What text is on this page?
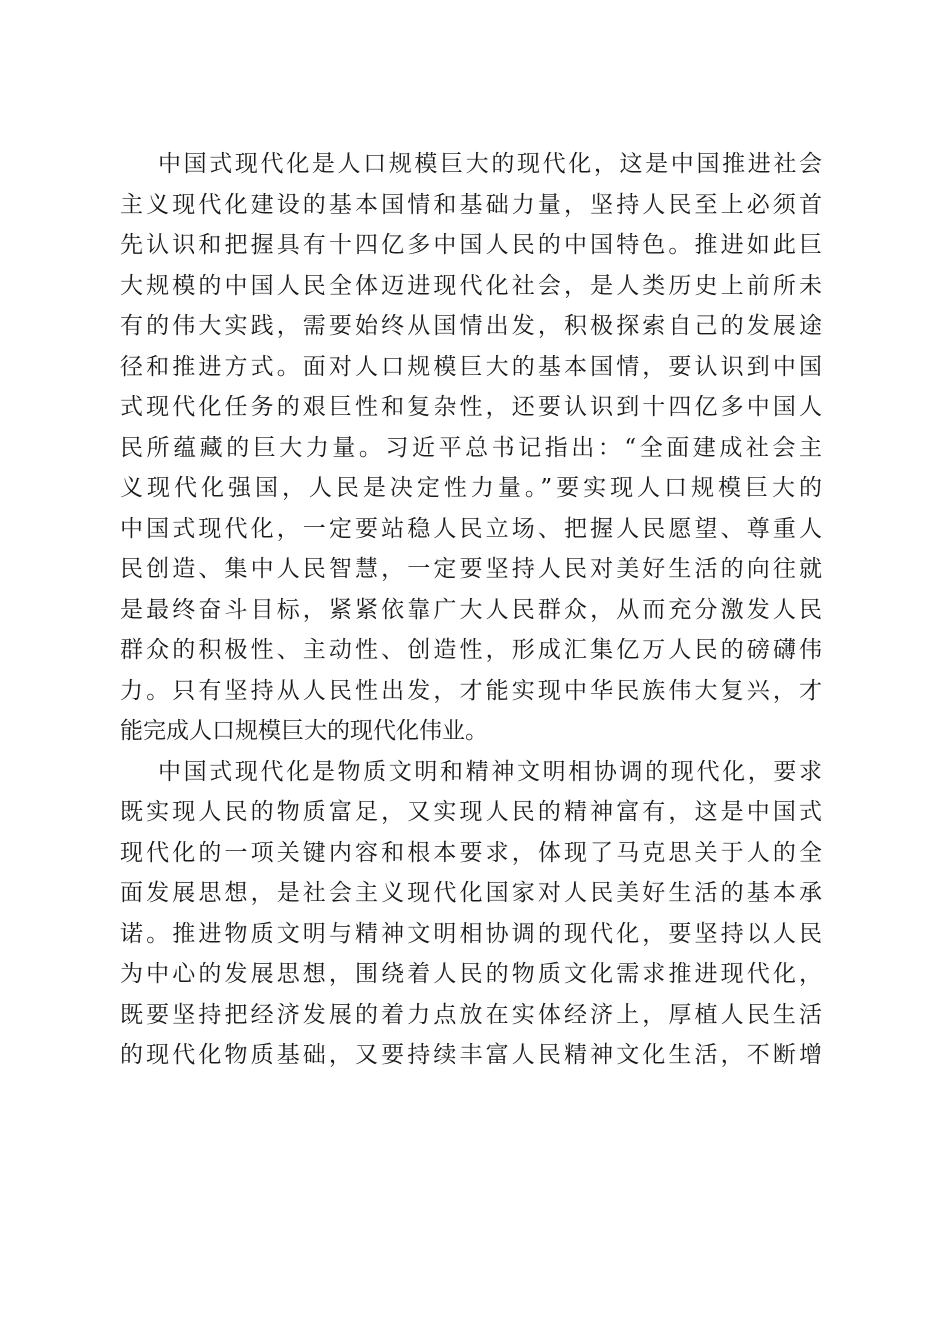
中国式现代化是人口规模巨大的现代化，这是中国推进社会
主义现代化建设的基本国情和基础力量，坚持人民至上必须首
先认识和把握具有十四亿多中国人民的中国特色。推进如此巨
大规模的中国人民全体迈进现代化社会，是人类历史上前所未
有的伟大实践，需要始终从国情出发，积极探索自己的发展途
径和推进方式。面对人口规模巨大的基本国情，要认识到中国
式现代化任务的艰巨性和复杂性，还要认识到十四亿多中国人
民所蕴藏的巨大力量。习近平总书记指出：“全面建成社会主
义现代化强国，人民是决定性力量。”要实现人口规模巨大的
中国式现代化，一定要站稳人民立场、把握人民愿望、尊重人
民创造、集中人民智慧，一定要坚持人民对美好生活的向往就
是最终奋斗目标，紧紧依靠广大人民群众，从而充分激发人民
群众的积极性、主动性、创造性，形成汇集亿万人民的磅礴伟
力。只有坚持从人民性出发，才能实现中华民族伟大复兴，才
能完成人口规模巨大的现代化伟业。
中国式现代化是物质文明和精神文明相协调的现代化，要求
既实现人民的物质富足，又实现人民的精神富有，这是中国式
现代化的一项关键内容和根本要求，体现了马克思关于人的全
面发展思想，是社会主义现代化国家对人民美好生活的基本承
诺。推进物质文明与精神文明相协调的现代化，要坚持以人民
为中心的发展思想，围绕着人民的物质文化需求推进现代化，
既要坚持把经济发展的着力点放在实体经济上，厚植人民生活
的现代化物质基础，又要持续丰富人民精神文化生活，不断增
